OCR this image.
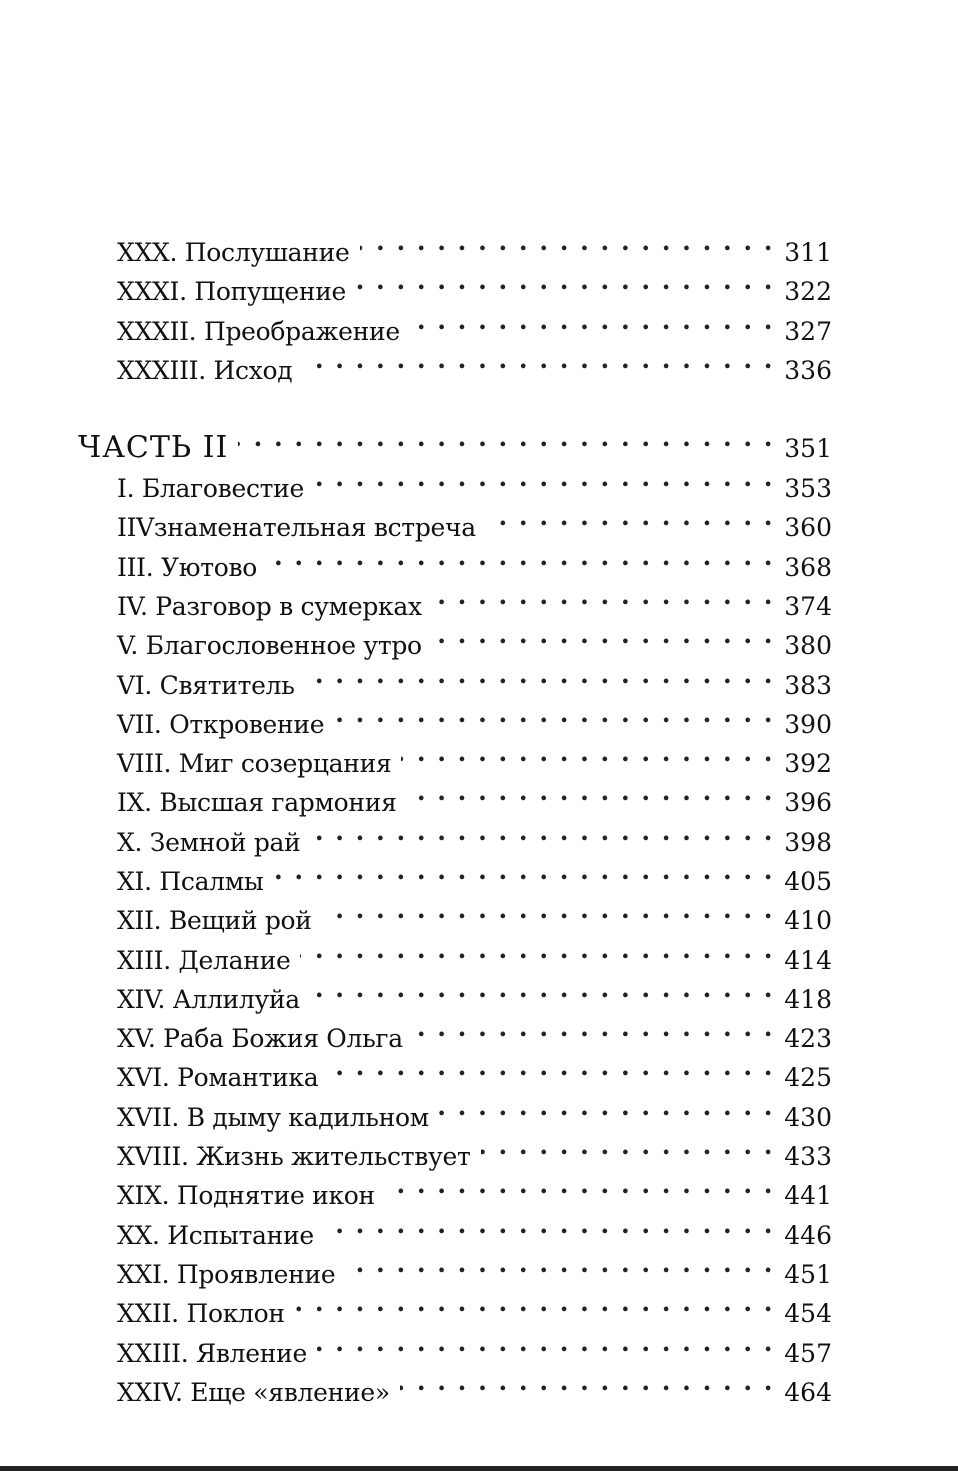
XXX. Послушание . . .	311
XXXI. Попущение . . .	322
XXXII. Преображение . . .	327
XXXIII. Исход . . .	336
ЧАСТЬ II . . .	351
I. Благовестие . . .	353
IIVзнаменательная встреча . . .	360
III. Уютово . . .	368
IV. Разговор в сумерках . . .	374
V. Благословенное утро . . .	380
VI. Святитель . . .	383
VII. Откровение . . .	390
VIII. Миг созерцания . . .	392
IX. Высшая гармония . . .	396
X. Земной рай . . .	398
XI. Псалмы . . .	405
XII. Вещий рой . . .	410
XIII. Делание . . .	414
XIV. Аллилуйа . . .	418
XV. Раба Божия Ольга . . .	423
XVI. Романтика . . .	425
XVII. В дыму кадильном . . .	430
XVIII. Жизнь жительствует . . .	433
XIX. Поднятие икон . . .	441
XX. Испытание . . .	446
XXI. Проявление . . .	451
XXII. Поклон . . .	454
XXIII. Явление . . .	457
XXIV. Еще «явление» . . .	464
